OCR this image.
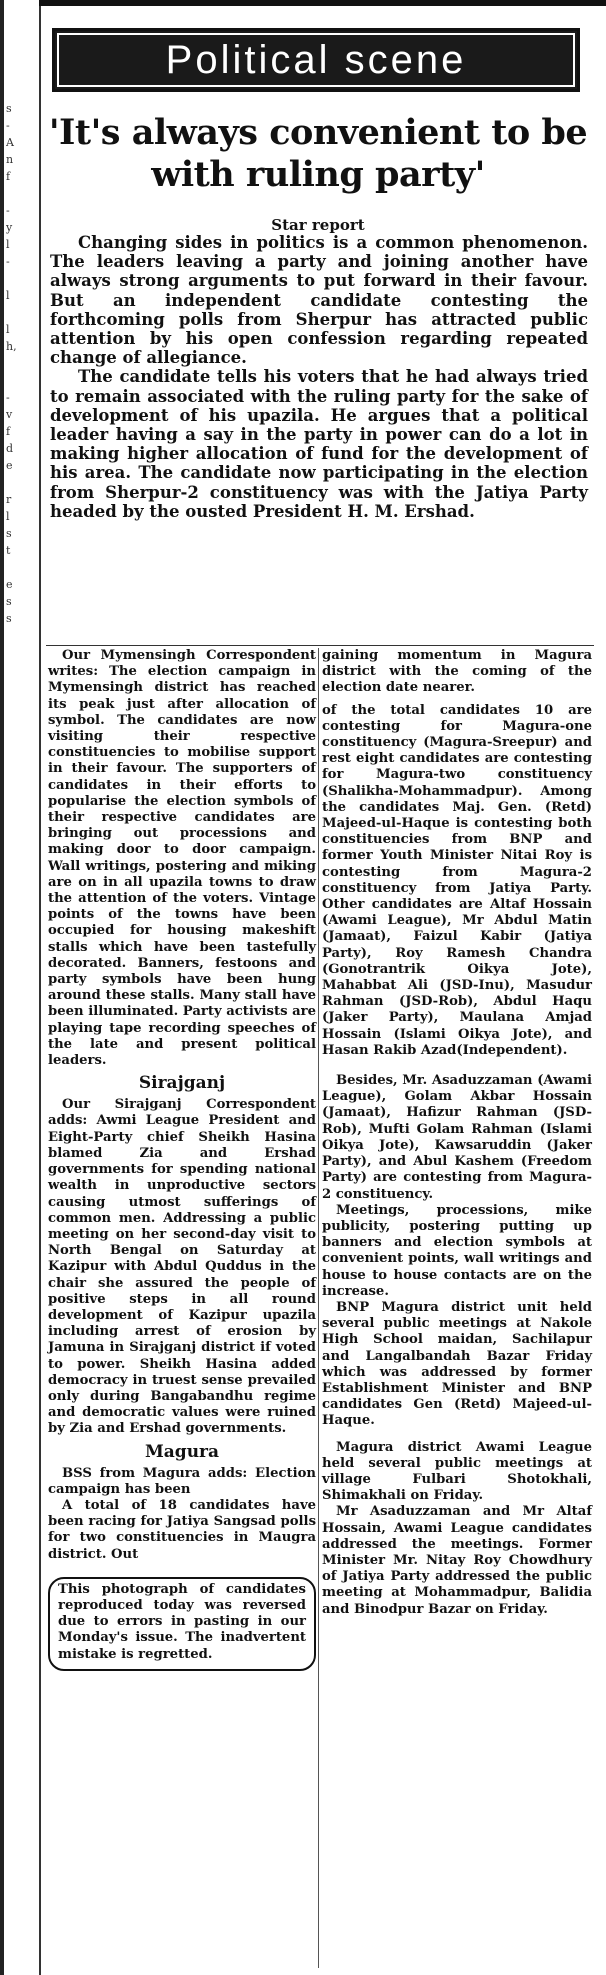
s
-
A
n
f
-
y
l
-
l
l
h,
-
v
f
d
e
r
l
s
t
e
s
s
Political scene
'It's always convenient to be with ruling party'
Star report

Changing sides in politics is a common phenomenon. The leaders leaving a party and joining another have always strong arguments to put forward in their favour. But an independent candidate contesting the forthcoming polls from Sherpur has attracted public attention by his open confession regarding repeated change of allegiance.

The candidate tells his voters that he had always tried to remain associated with the ruling party for the sake of development of his upazila. He argues that a political leader having a say in the party in power can do a lot in making higher allocation of fund for the development of his area. The candidate now participating in the election from Sherpur-2 constituency was with the Jatiya Party headed by the ousted President H. M. Ershad.

Our Mymensingh Correspondent writes: The election campaign in Mymensingh district has reached its peak just after allocation of symbol. The candidates are now visiting their respective constituencies to mobilise support in their favour. The supporters of candidates in their efforts to popularise the election symbols of their respective candidates are bringing out processions and making door to door campaign. Wall writings, postering and miking are on in all upazila towns to draw the attention of the voters. Vintage points of the towns have been occupied for housing makeshift stalls which have been tastefully decorated. Banners, festoons and party symbols have been hung around these stalls. Many stall have been illuminated. Party activists are playing tape recording speeches of the late and present political leaders.

Sirajganj

Our Sirajganj Correspondent adds: Awmi League President and Eight-Party chief Sheikh Hasina blamed Zia and Ershad governments for spending national wealth in unproductive sectors causing utmost sufferings of common men. Addressing a public meeting on her second-day visit to North Bengal on Saturday at Kazipur with Abdul Quddus in the chair she assured the people of positive steps in all round development of Kazipur upazila including arrest of erosion by Jamuna in Sirajganj district if voted to power. Sheikh Hasina added democracy in truest sense prevailed only during Bangabandhu regime and democratic values were ruined by Zia and Ershad governments.

Magura

BSS from Magura adds: Election campaign has been

A total of 18 candidates have been racing for Jatiya Sangsad polls for two constituencies in Maugra district. Out

This photograph of candidates reproduced today was reversed due to errors in pasting in our Monday's issue. The inadvertent mistake is regretted.

gaining momentum in Magura district with the coming of the election date nearer.

of the total candidates 10 are contesting for Magura-one constituency (Magura-Sreepur) and rest eight candidates are contesting for Magura-two constituency (Shalikha-Mohammadpur). Among the candidates Maj. Gen. (Retd) Majeed-ul-Haque is contesting both constituencies from BNP and former Youth Minister Nitai Roy is contesting from Magura-2 constituency from Jatiya Party. Other candidates are Altaf Hossain (Awami League), Mr Abdul Matin (Jamaat), Faizul Kabir (Jatiya Party), Roy Ramesh Chandra (Gonotrantrik Oikya Jote), Mahabbat Ali (JSD-Inu), Masudur Rahman (JSD-Rob), Abdul Haqu (Jaker Party), Maulana Amjad Hossain (Islami Oikya Jote), and Hasan Rakib Azad(Independent).

Besides, Mr. Asaduzzaman (Awami League), Golam Akbar Hossain (Jamaat), Hafizur Rahman (JSD-Rob), Mufti Golam Rahman (Islami Oikya Jote), Kawsaruddin (Jaker Party), and Abul Kashem (Freedom Party) are contesting from Magura-2 constituency.

Meetings, processions, mike publicity, postering putting up banners and election symbols at convenient points, wall writings and house to house contacts are on the increase.

BNP Magura district unit held several public meetings at Nakole High School maidan, Sachilapur and Langalbandah Bazar Friday which was addressed by former Establishment Minister and BNP candidates Gen (Retd) Majeed-ul-Haque.

Magura district Awami League held several public meetings at village Fulbari Shotokhali, Shimakhali on Friday.

Mr Asaduzzaman and Mr Altaf Hossain, Awami League candidates addressed the meetings. Former Minister Mr. Nitay Roy Chowdhury of Jatiya Party addressed the public meeting at Mohammadpur, Balidia and Binodpur Bazar on Friday.
